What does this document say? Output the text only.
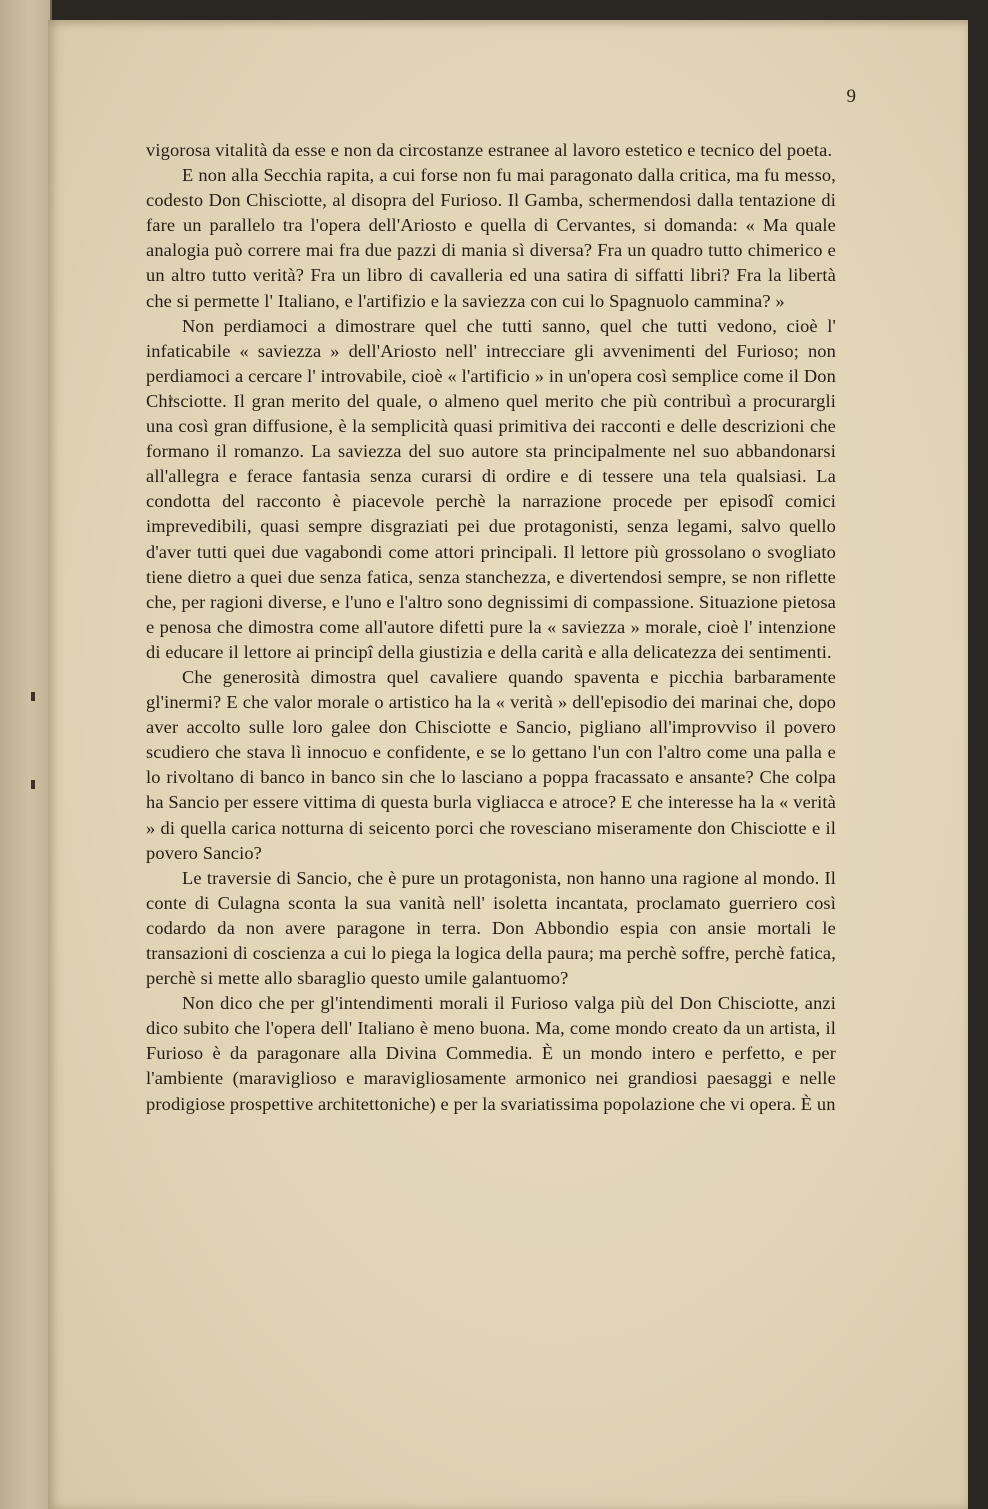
9

vigorosa vitalità da esse e non da circostanze estranee al lavoro estetico e tecnico del poeta.

E non alla Secchia rapita, a cui forse non fu mai paragonato dalla critica, ma fu messo, codesto Don Chisciotte, al disopra del Furioso. Il Gamba, schermendosi dalla tentazione di fare un parallelo tra l'opera dell'Ariosto e quella di Cervantes, si domanda: « Ma quale analogia può correre mai fra due pazzi di mania sì diversa? Fra un quadro tutto chimerico e un altro tutto verità? Fra un libro di cavalleria ed una satira di siffatti libri? Fra la libertà che si permette l' Italiano, e l'artifizio e la saviezza con cui lo Spagnuolo cammina? »

Non perdiamoci a dimostrare quel che tutti sanno, quel che tutti vedono, cioè l' infaticabile « saviezza » dell'Ariosto nell' intrecciare gli avvenimenti del Furioso; non perdiamoci a cercare l' introvabile, cioè « l'artificio » in un'opera così semplice come il Don Chisciotte. Il gran merito del quale, o almeno quel merito che più contribuì a procurargli una così gran diffusione, è la semplicità quasi primitiva dei racconti e delle descrizioni che formano il romanzo. La saviezza del suo autore sta principalmente nel suo abbandonarsi all'allegra e ferace fantasia senza curarsi di ordire e di tessere una tela qualsiasi. La condotta del racconto è piacevole perchè la narrazione procede per episodî comici imprevedibili, quasi sempre disgraziati pei due protagonisti, senza legami, salvo quello d'aver tutti quei due vagabondi come attori principali. Il lettore più grossolano o svogliato tiene dietro a quei due senza fatica, senza stanchezza, e divertendosi sempre, se non riflette che, per ragioni diverse, e l'uno e l'altro sono degnissimi di compassione. Situazione pietosa e penosa che dimostra come all'autore difetti pure la « saviezza » morale, cioè l' intenzione di educare il lettore ai principî della giustizia e della carità e alla delicatezza dei sentimenti.

Che generosità dimostra quel cavaliere quando spaventa e picchia barbaramente gl'inermi? E che valor morale o artistico ha la « verità » dell'episodio dei marinai che, dopo aver accolto sulle loro galee don Chisciotte e Sancio, pigliano all'improvviso il povero scudiero che stava lì innocuo e confidente, e se lo gettano l'un con l'altro come una palla e lo rivoltano di banco in banco sin che lo lasciano a poppa fracassato e ansante? Che colpa ha Sancio per essere vittima di questa burla vigliacca e atroce? E che interesse ha la « verità » di quella carica notturna di seicento porci che rovesciano miseramente don Chisciotte e il povero Sancio?

Le traversie di Sancio, che è pure un protagonista, non hanno una ragione al mondo. Il conte di Culagna sconta la sua vanità nell' isoletta incantata, proclamato guerriero così codardo da non avere paragone in terra. Don Abbondio espia con ansie mortali le transazioni di coscienza a cui lo piega la logica della paura; ma perchè soffre, perchè fatica, perchè si mette allo sbaraglio questo umile galantuomo?

Non dico che per gl'intendimenti morali il Furioso valga più del Don Chisciotte, anzi dico subito che l'opera dell' Italiano è meno buona. Ma, come mondo creato da un artista, il Furioso è da paragonare alla Divina Commedia. È un mondo intero e perfetto, e per l'ambiente (maraviglioso e maravigliosamente armonico nei grandiosi paesaggi e nelle prodigiose prospettive architettoniche) e per la svariatissima popolazione che vi opera. È un
